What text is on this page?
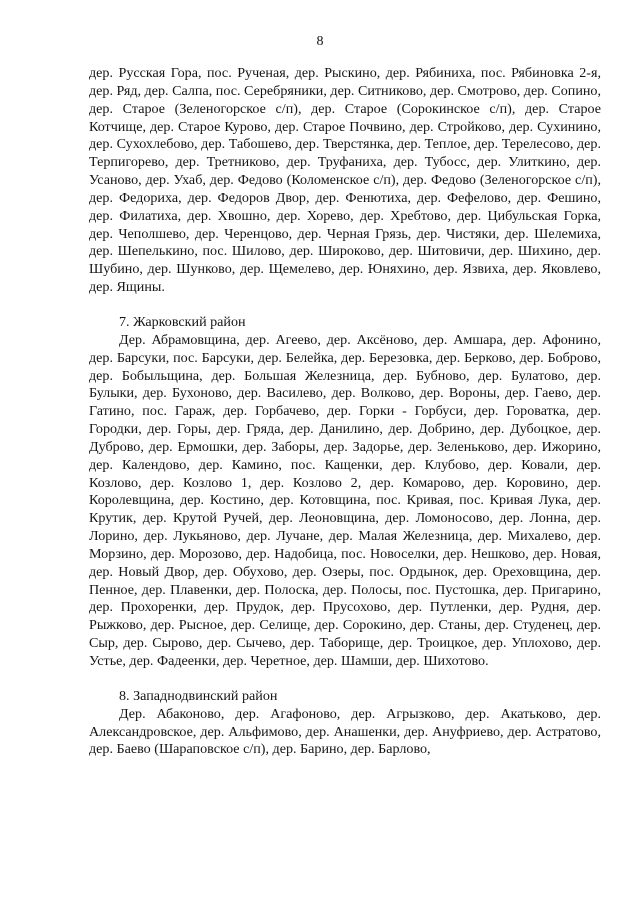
8

дер. Русская Гора, пос. Рученая, дер. Рыскино, дер. Рябиниха, пос. Рябиновка 2-я, дер. Ряд, дер. Салпа, пос. Серебряники, дер. Ситниково, дер. Смотрово, дер. Сопино, дер. Старое (Зеленогорское с/п), дер. Старое (Сорокинское с/п), дер. Старое Котчище, дер. Старое Курово, дер. Старое Почвино, дер. Стройково, дер. Сухинино, дер. Сухохлебово, дер. Табошево, дер. Тверстянка, дер. Теплое, дер. Терелесово, дер. Терпигорево, дер. Третниково, дер. Труфаниха, дер. Тубосс, дер. Улиткино, дер. Усаново, дер. Ухаб, дер. Федово (Коломенское с/п), дер. Федово (Зеленогорское с/п), дер. Федориха, дер. Федоров Двор, дер. Фенютиха, дер. Фефелово, дер. Фешино, дер. Филатиха, дер. Хвошно, дер. Хорево, дер. Хребтово, дер. Цибульская Горка, дер. Чеполшево, дер. Черенцово, дер. Черная Грязь, дер. Чистяки, дер. Шелемиха, дер. Шепелькино, пос. Шилово, дер. Широково, дер. Шитовичи, дер. Шихино, дер. Шубино, дер. Шунково, дер. Щемелево, дер. Юняхино, дер. Язвиха, дер. Яковлево, дер. Ящины.

7. Жарковский район

Дер. Абрамовщина, дер. Агеево, дер. Аксёново, дер. Амшара, дер. Афонино, дер. Барсуки, пос. Барсуки, дер. Белейка, дер. Березовка, дер. Берково, дер. Боброво, дер. Бобыльщина, дер. Большая Железница, дер. Бубново, дер. Булатово, дер. Булыки, дер. Бухоново, дер. Василево, дер. Волково, дер. Вороны, дер. Гаево, дер. Гатино, пос. Гараж, дер. Горбачево, дер. Горки - Горбуси, дер. Гороватка, дер. Городки, дер. Горы, дер. Гряда, дер. Данилино, дер. Добрино, дер. Дубоцкое, дер. Дуброво, дер. Ермошки, дер. Заборы, дер. Задорье, дер. Зеленьково, дер. Ижорино, дер. Календово, дер. Камино, пос. Кащенки, дер. Клубово, дер. Ковали, дер. Козлово, дер. Козлово 1, дер. Козлово 2, дер. Комарово, дер. Коровино, дер. Королевщина, дер. Костино, дер. Котовщина, пос. Кривая, пос. Кривая Лука, дер. Крутик, дер. Крутой Ручей, дер. Леоновщина, дер. Ломоносово, дер. Лонна, дер. Лорино, дер. Лукьяново, дер. Лучане, дер. Малая Железница, дер. Михалево, дер. Морзино, дер. Морозово, дер. Надобица, пос. Новоселки, дер. Нешково, дер. Новая, дер. Новый Двор, дер. Обухово, дер. Озеры, пос. Ордынок, дер. Ореховщина, дер. Пенное, дер. Плавенки, дер. Полоска, дер. Полосы, пос. Пустошка, дер. Пригарино, дер. Прохоренки, дер. Прудок, дер. Прусохово, дер. Путленки, дер. Рудня, дер. Рыжково, дер. Рысное, дер. Селище, дер. Сорокино, дер. Станы, дер. Студенец, дер. Сыр, дер. Сырово, дер. Сычево, дер. Таборище, дер. Троицкое, дер. Уплохово, дер. Устье, дер. Фадеенки, дер. Черетное, дер. Шамши, дер. Шихотово.

8. Западнодвинский район

Дер. Абаконово, дер. Агафоново, дер. Агрызково, дер. Акатьково, дер. Александровское, дер. Альфимово, дер. Анашенки, дер. Ануфриево, дер. Астратово, дер. Баево (Шараповское с/п), дер. Барино, дер. Барлово,
